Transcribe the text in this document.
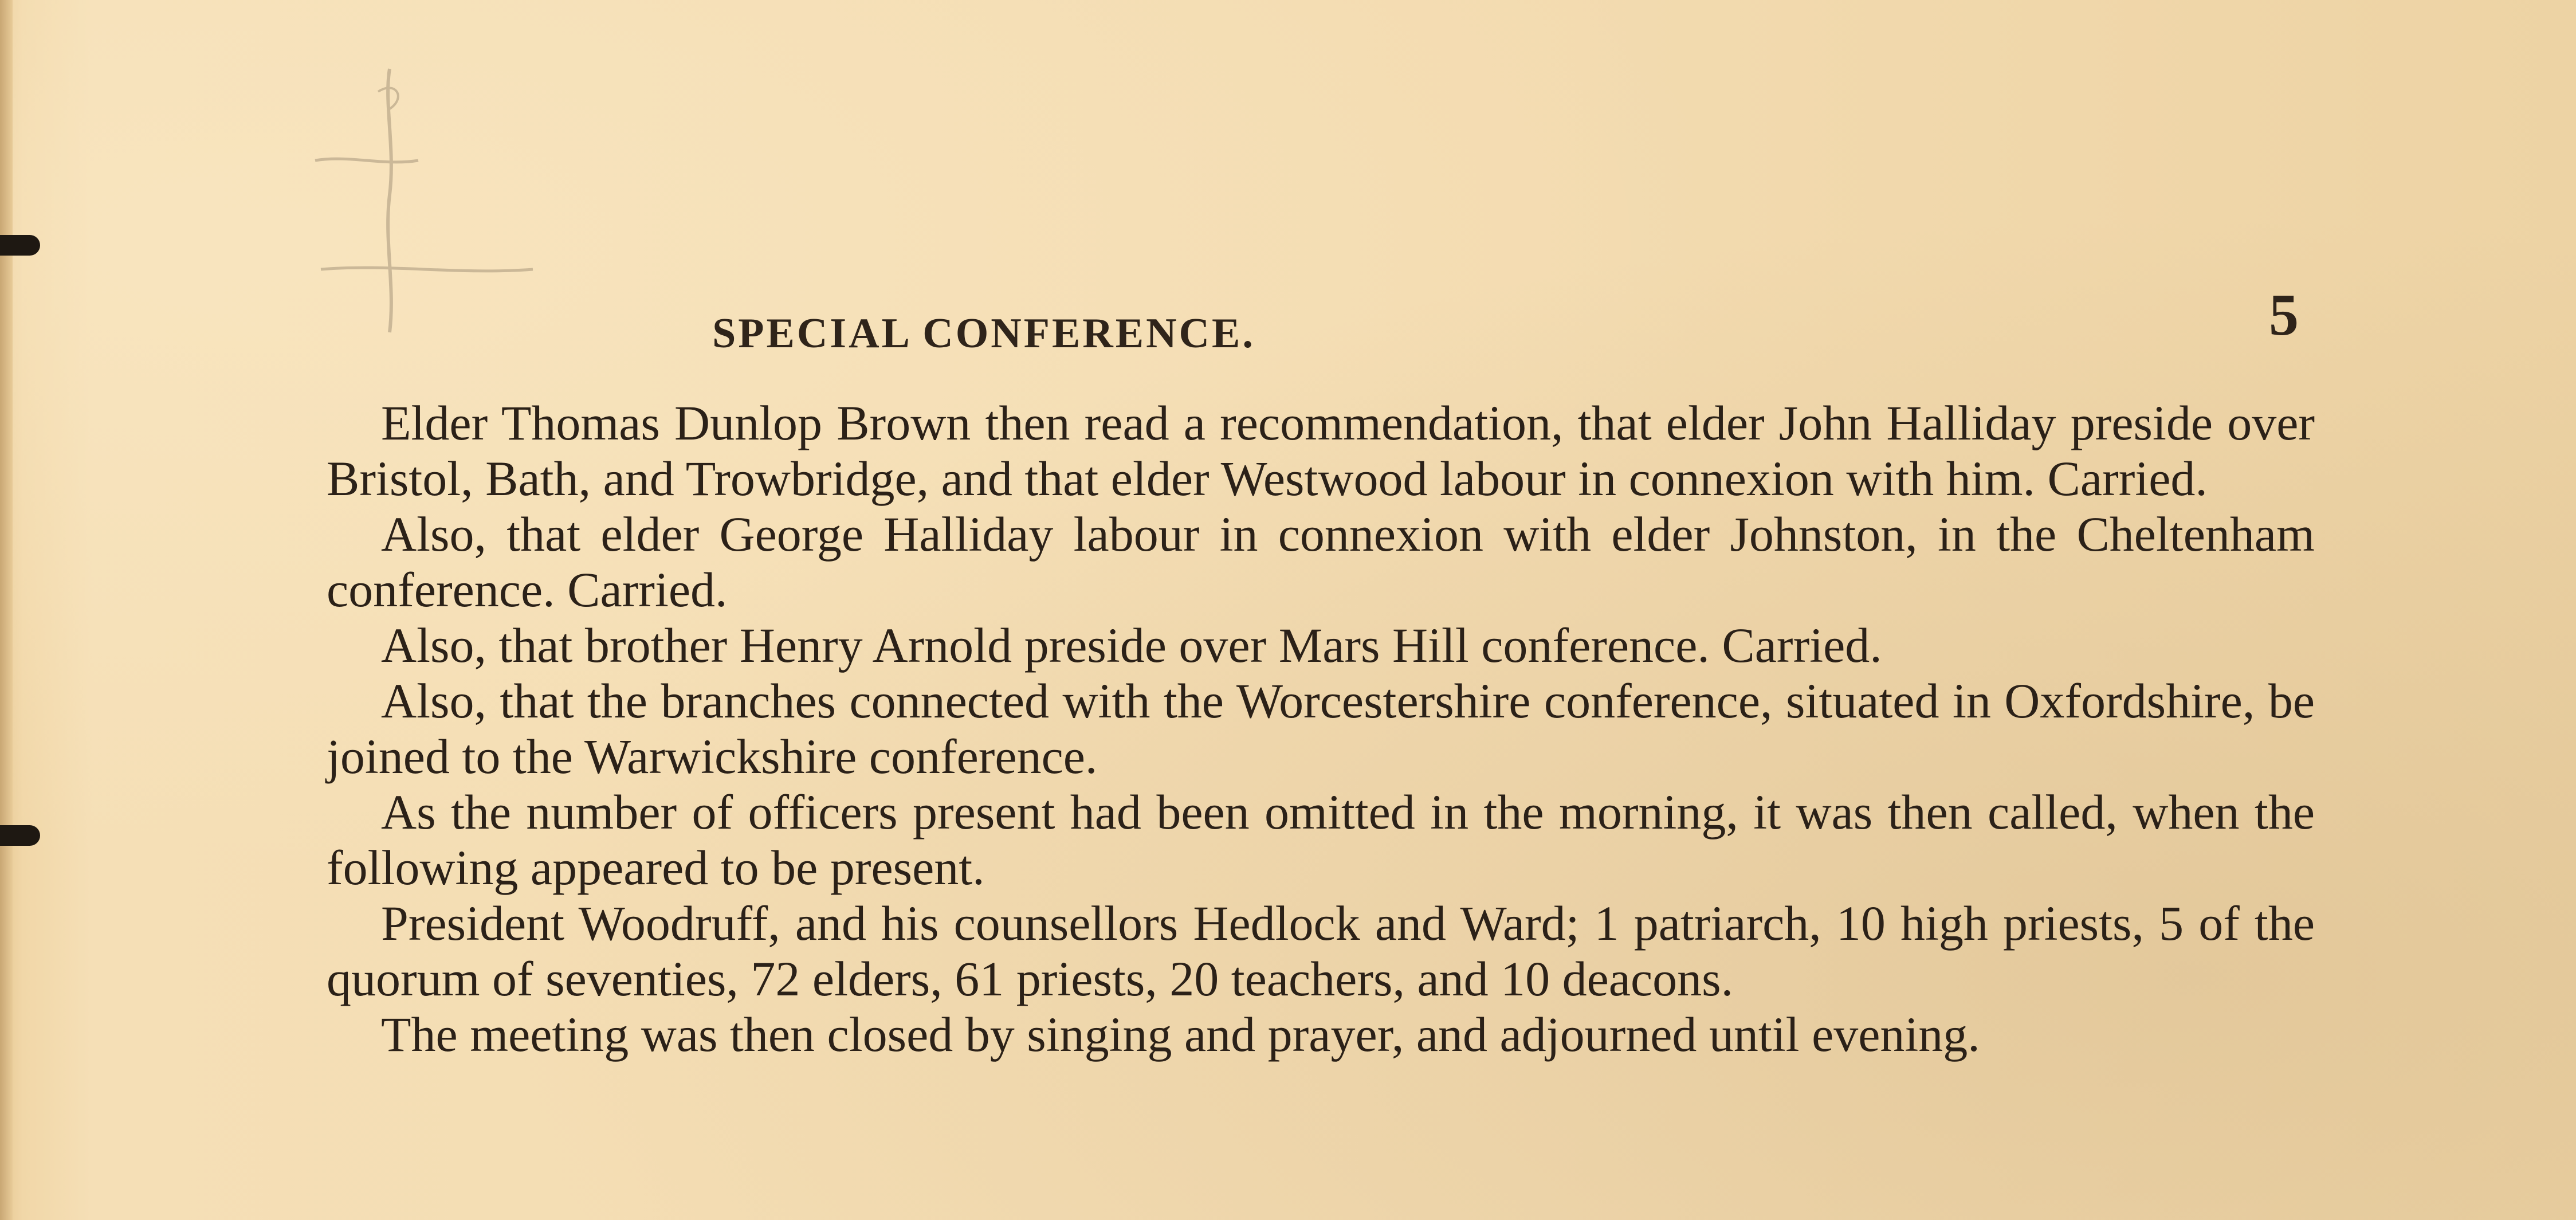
SPECIAL CONFERENCE.	5

Elder Thomas Dunlop Brown then read a recommendation, that elder John Halliday preside over Bristol, Bath, and Trowbridge, and that elder Westwood labour in connexion with him. Carried.

Also, that elder George Halliday labour in connexion with elder Johnston, in the Cheltenham conference. Carried.

Also, that brother Henry Arnold preside over Mars Hill conference. Carried.

Also, that the branches connected with the Worcestershire conference, situated in Oxfordshire, be joined to the Warwickshire conference.

As the number of officers present had been omitted in the morning, it was then called, when the following appeared to be present.

President Woodruff, and his counsellors Hedlock and Ward; 1 patriarch, 10 high priests, 5 of the quorum of seventies, 72 elders, 61 priests, 20 teachers, and 10 deacons.

The meeting was then closed by singing and prayer, and adjourned until evening.
